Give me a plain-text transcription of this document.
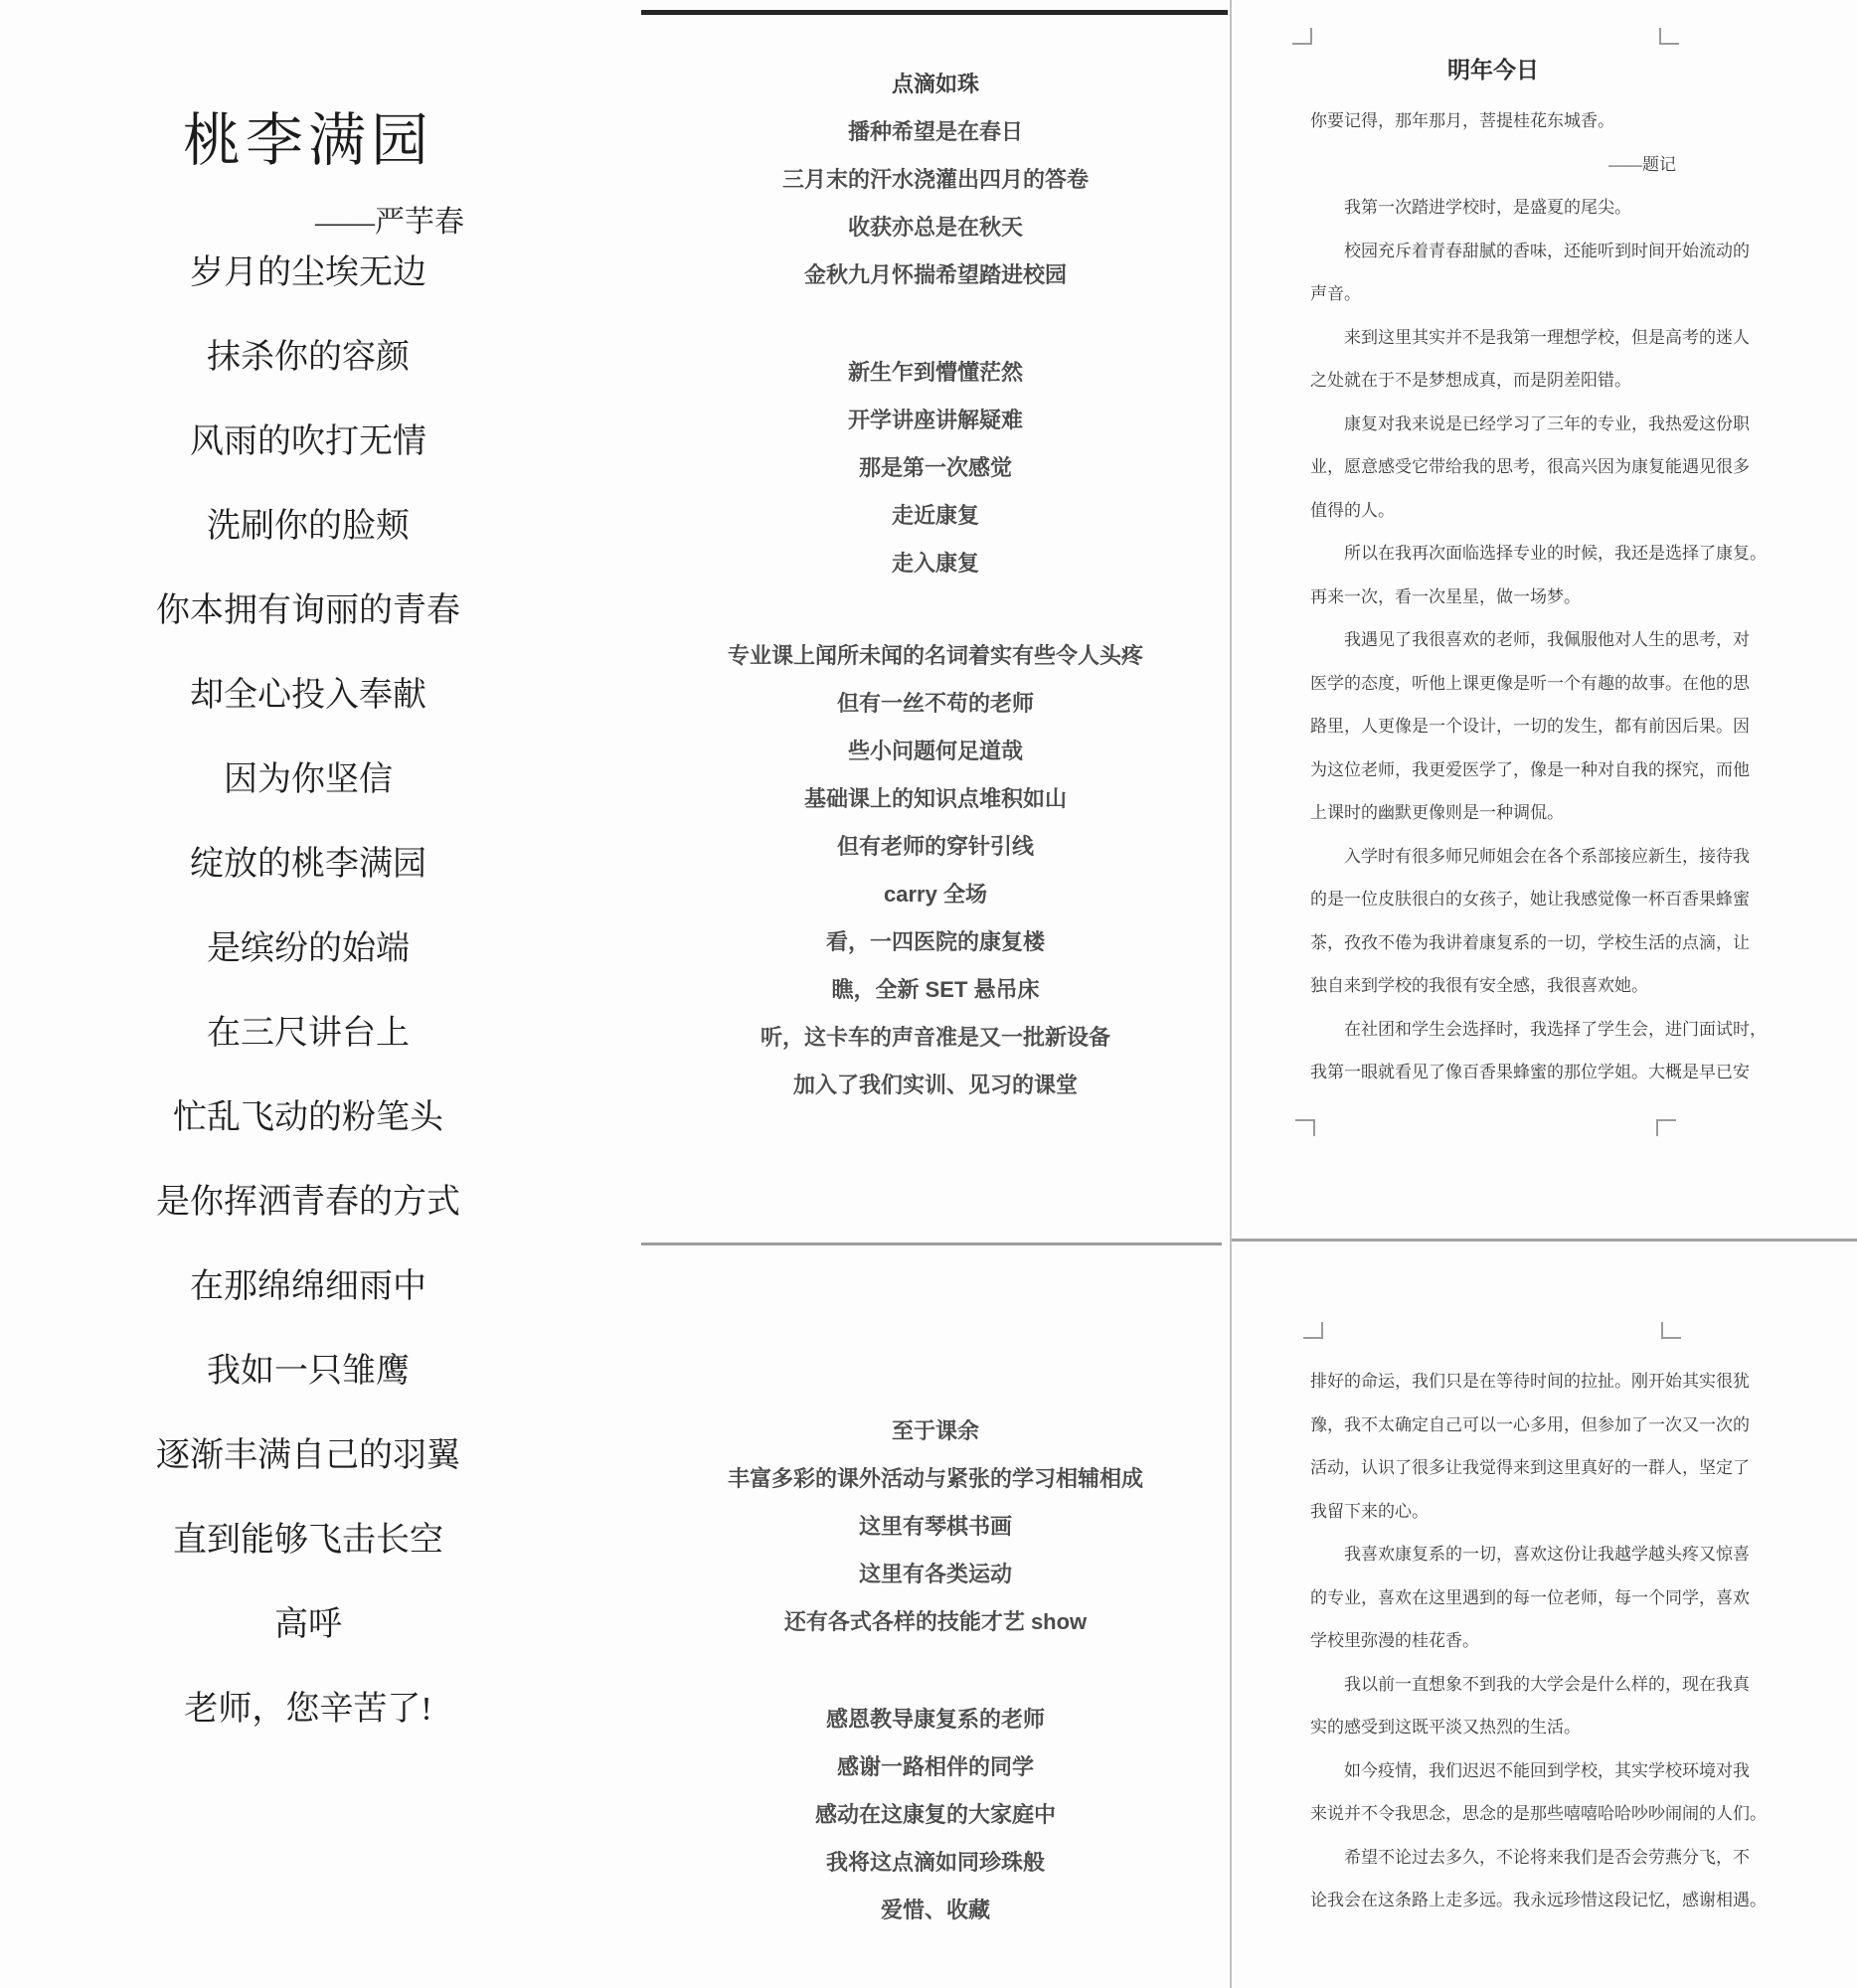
桃李满园
——严芋春
岁月的尘埃无边
抹杀你的容颜
风雨的吹打无情
洗刷你的脸颊
你本拥有询丽的青春
却全心投入奉献
因为你坚信
绽放的桃李满园
是缤纷的始端
在三尺讲台上
忙乱飞动的粉笔头
是你挥洒青春的方式
在那绵绵细雨中
我如一只雏鹰
逐渐丰满自己的羽翼
直到能够飞击长空
高呼
老师，您辛苦了!
点滴如珠
播种希望是在春日
三月末的汗水浇灌出四月的答卷
收获亦总是在秋天
金秋九月怀揣希望踏进校园
新生乍到懵懂茫然
开学讲座讲解疑难
那是第一次感觉
走近康复
走入康复
专业课上闻所未闻的名词着实有些令人头疼
但有一丝不苟的老师
些小问题何足道哉
基础课上的知识点堆积如山
但有老师的穿针引线
carry 全场
看，一四医院的康复楼
瞧，全新 SET 悬吊床
听，这卡车的声音准是又一批新设备
加入了我们实训、见习的课堂
至于课余
丰富多彩的课外活动与紧张的学习相辅相成
这里有琴棋书画
这里有各类运动
还有各式各样的技能才艺 show
感恩教导康复系的老师
感谢一路相伴的同学
感动在这康复的大家庭中
我将这点滴如同珍珠般
爱惜、收藏
明年今日
你要记得，那年那月，菩提桂花东城香。
——题记
我第一次踏进学校时，是盛夏的尾尖。
校园充斥着青春甜腻的香味，还能听到时间开始流动的
声音。
来到这里其实并不是我第一理想学校，但是高考的迷人
之处就在于不是梦想成真，而是阴差阳错。
康复对我来说是已经学习了三年的专业，我热爱这份职
业，愿意感受它带给我的思考，很高兴因为康复能遇见很多
值得的人。
所以在我再次面临选择专业的时候，我还是选择了康复。
再来一次，看一次星星，做一场梦。
我遇见了我很喜欢的老师，我佩服他对人生的思考，对
医学的态度，听他上课更像是听一个有趣的故事。在他的思
路里，人更像是一个设计，一切的发生，都有前因后果。因
为这位老师，我更爱医学了，像是一种对自我的探究，而他
上课时的幽默更像则是一种调侃。
入学时有很多师兄师姐会在各个系部接应新生，接待我
的是一位皮肤很白的女孩子，她让我感觉像一杯百香果蜂蜜
茶，孜孜不倦为我讲着康复系的一切，学校生活的点滴，让
独自来到学校的我很有安全感，我很喜欢她。
在社团和学生会选择时，我选择了学生会，进门面试时，
我第一眼就看见了像百香果蜂蜜的那位学姐。大概是早已安
排好的命运，我们只是在等待时间的拉扯。刚开始其实很犹
豫，我不太确定自己可以一心多用，但参加了一次又一次的
活动，认识了很多让我觉得来到这里真好的一群人，坚定了
我留下来的心。
我喜欢康复系的一切，喜欢这份让我越学越头疼又惊喜
的专业，喜欢在这里遇到的每一位老师，每一个同学，喜欢
学校里弥漫的桂花香。
我以前一直想象不到我的大学会是什么样的，现在我真
实的感受到这既平淡又热烈的生活。
如今疫情，我们迟迟不能回到学校，其实学校环境对我
来说并不令我思念，思念的是那些嘻嘻哈哈吵吵闹闹的人们。
希望不论过去多久，不论将来我们是否会劳燕分飞，不
论我会在这条路上走多远。我永远珍惜这段记忆，感谢相遇。
